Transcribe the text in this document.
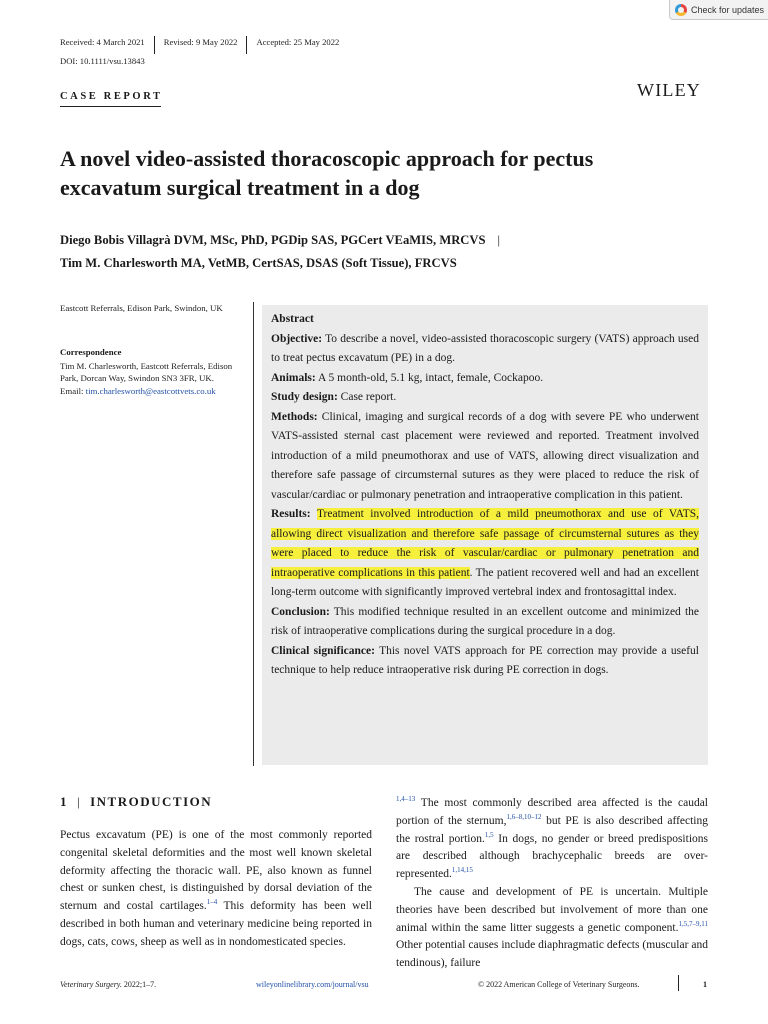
Check for updates
Received: 4 March 2021	Revised: 9 May 2022	Accepted: 25 May 2022
DOI: 10.1111/vsu.13843
CASE REPORT	WILEY
A novel video-assisted thoracoscopic approach for pectus excavatum surgical treatment in a dog
Diego Bobis Villagrà DVM, MSc, PhD, PGDip SAS, PGCert VEaMIS, MRCVS |
Tim M. Charlesworth MA, VetMB, CertSAS, DSAS (Soft Tissue), FRCVS
Eastcott Referrals, Edison Park, Swindon, UK
Correspondence
Tim M. Charlesworth, Eastcott Referrals, Edison Park, Dorcan Way, Swindon SN3 3FR, UK.
Email: tim.charlesworth@eastcottvets.co.uk

Abstract

Objective: To describe a novel, video-assisted thoracoscopic surgery (VATS) approach used to treat pectus excavatum (PE) in a dog.

Animals: A 5 month-old, 5.1 kg, intact, female, Cockapoo.

Study design: Case report.

Methods: Clinical, imaging and surgical records of a dog with severe PE who underwent VATS-assisted sternal cast placement were reviewed and reported. Treatment involved introduction of a mild pneumothorax and use of VATS, allowing direct visualization and therefore safe passage of circumsternal sutures as they were placed to reduce the risk of vascular/cardiac or pulmonary penetration and intraoperative complication in this patient.

Results: Treatment involved introduction of a mild pneumothorax and use of VATS, allowing direct visualization and therefore safe passage of circumsternal sutures as they were placed to reduce the risk of vascular/cardiac or pulmonary penetration and intraoperative complications in this patient. The patient recovered well and had an excellent long-term outcome with significantly improved vertebral index and frontosagittal index.

Conclusion: This modified technique resulted in an excellent outcome and minimized the risk of intraoperative complications during the surgical procedure in a dog.

Clinical significance: This novel VATS approach for PE correction may provide a useful technique to help reduce intraoperative risk during PE correction in dogs.

1 | INTRODUCTION

Pectus excavatum (PE) is one of the most commonly reported congenital skeletal deformities and the most well known skeletal deformity affecting the thoracic wall. PE, also known as funnel chest or sunken chest, is distinguished by dorsal deviation of the sternum and costal cartilages.$^{1-4}$ This deformity has been well described in both human and veterinary medicine being reported in dogs, cats, cows, sheep as well as in nondomesticated species.

$^{1,4-13}$ The most commonly described area affected is the caudal portion of the sternum,$^{1,6-8,10-12}$ but PE is also described affecting the rostral portion.$^{1,5}$ In dogs, no gender or breed predispositions are described although brachycephalic breeds are over-represented.$^{1,14,15}$

The cause and development of PE is uncertain. Multiple theories have been described but involvement of more than one animal within the same litter suggests a genetic component.$^{1,5,7-9,11}$ Other potential causes include diaphragmatic defects (muscular and tendinous), failure

Veterinary Surgery. 2022;1–7.	wileyonlinelibrary.com/journal/vsu	© 2022 American College of Veterinary Surgeons.	1
